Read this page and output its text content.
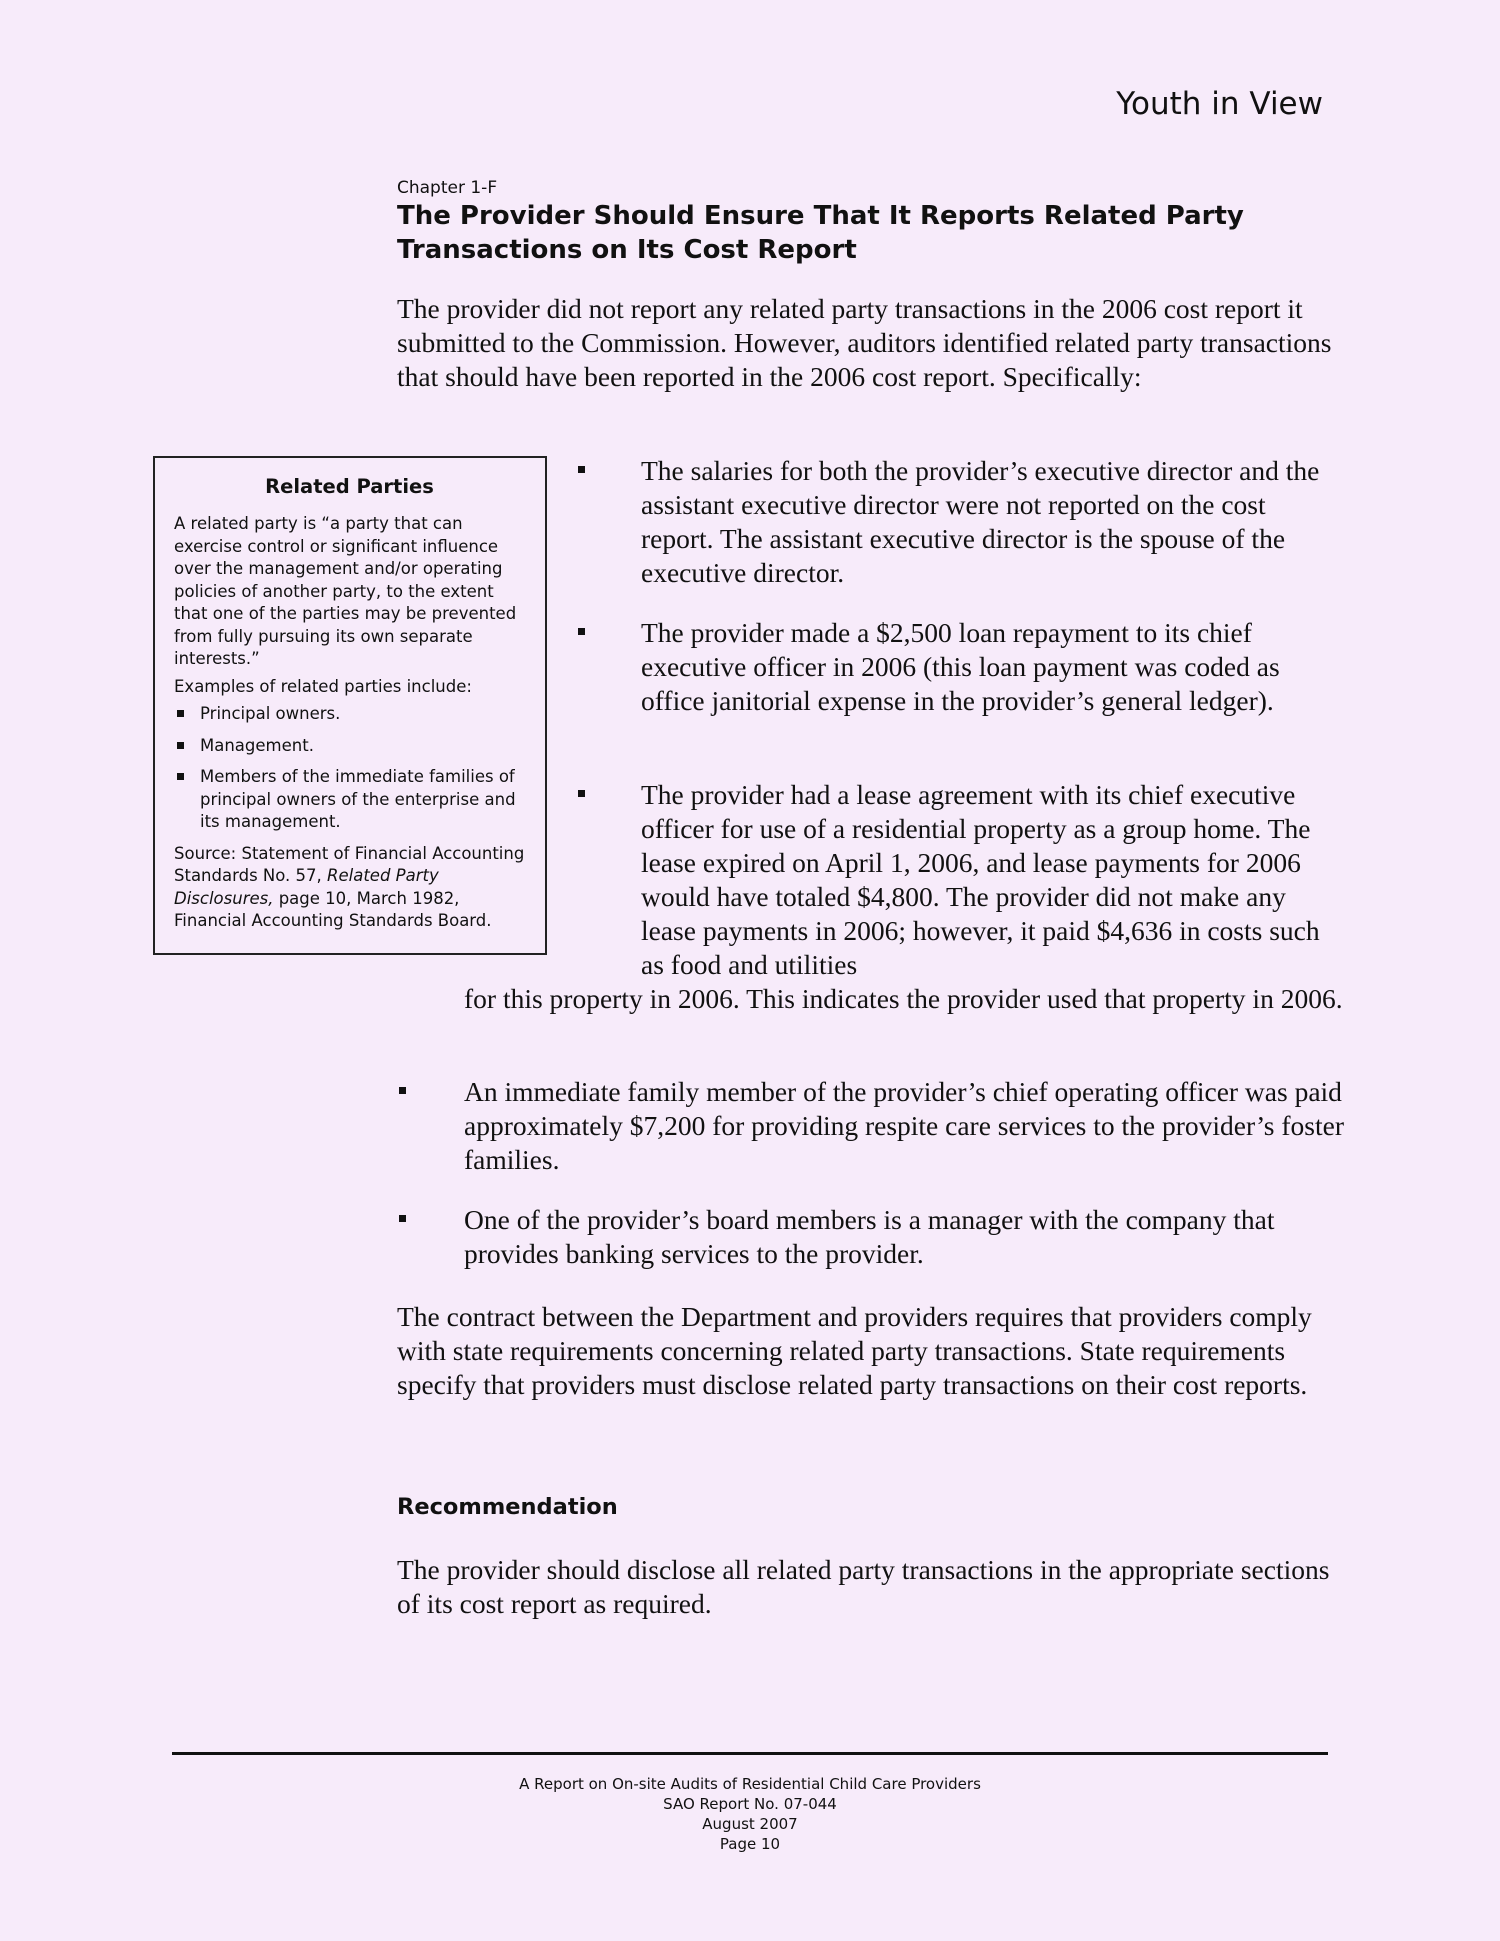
Youth in View
Chapter 1-F
The Provider Should Ensure That It Reports Related Party Transactions on Its Cost Report

The provider did not report any related party transactions in the 2006 cost report it submitted to the Commission. However, auditors identified related party transactions that should have been reported in the 2006 cost report. Specifically:

Related Parties

A related party is “a party that can exercise control or significant influence over the management and/or operating policies of another party, to the extent that one of the parties may be prevented from fully pursuing its own separate interests.”

Examples of related parties include:

Principal owners.
Management.
Members of the immediate families of principal owners of the enterprise and its management.

Source: Statement of Financial Accounting Standards No. 57, Related Party Disclosures, page 10, March 1982, Financial Accounting Standards Board.

The salaries for both the provider’s executive director and the assistant executive director were not reported on the cost report. The assistant executive director is the spouse of the executive director.

The provider made a $2,500 loan repayment to its chief executive officer in 2006 (this loan payment was coded as office janitorial expense in the provider’s general ledger).

The provider had a lease agreement with its chief executive officer for use of a residential property as a group home. The lease expired on April 1, 2006, and lease payments for 2006 would have totaled $4,800. The provider did not make any lease payments in 2006; however, it paid $4,636 in costs such as food and utilities

for this property in 2006. This indicates the provider used that property in 2006.

An immediate family member of the provider’s chief operating officer was paid approximately $7,200 for providing respite care services to the provider’s foster families.

One of the provider’s board members is a manager with the company that provides banking services to the provider.

The contract between the Department and providers requires that providers comply with state requirements concerning related party transactions. State requirements specify that providers must disclose related party transactions on their cost reports.

Recommendation

The provider should disclose all related party transactions in the appropriate sections of its cost report as required.

A Report on On-site Audits of Residential Child Care Providers
SAO Report No. 07-044
August 2007
Page 10
